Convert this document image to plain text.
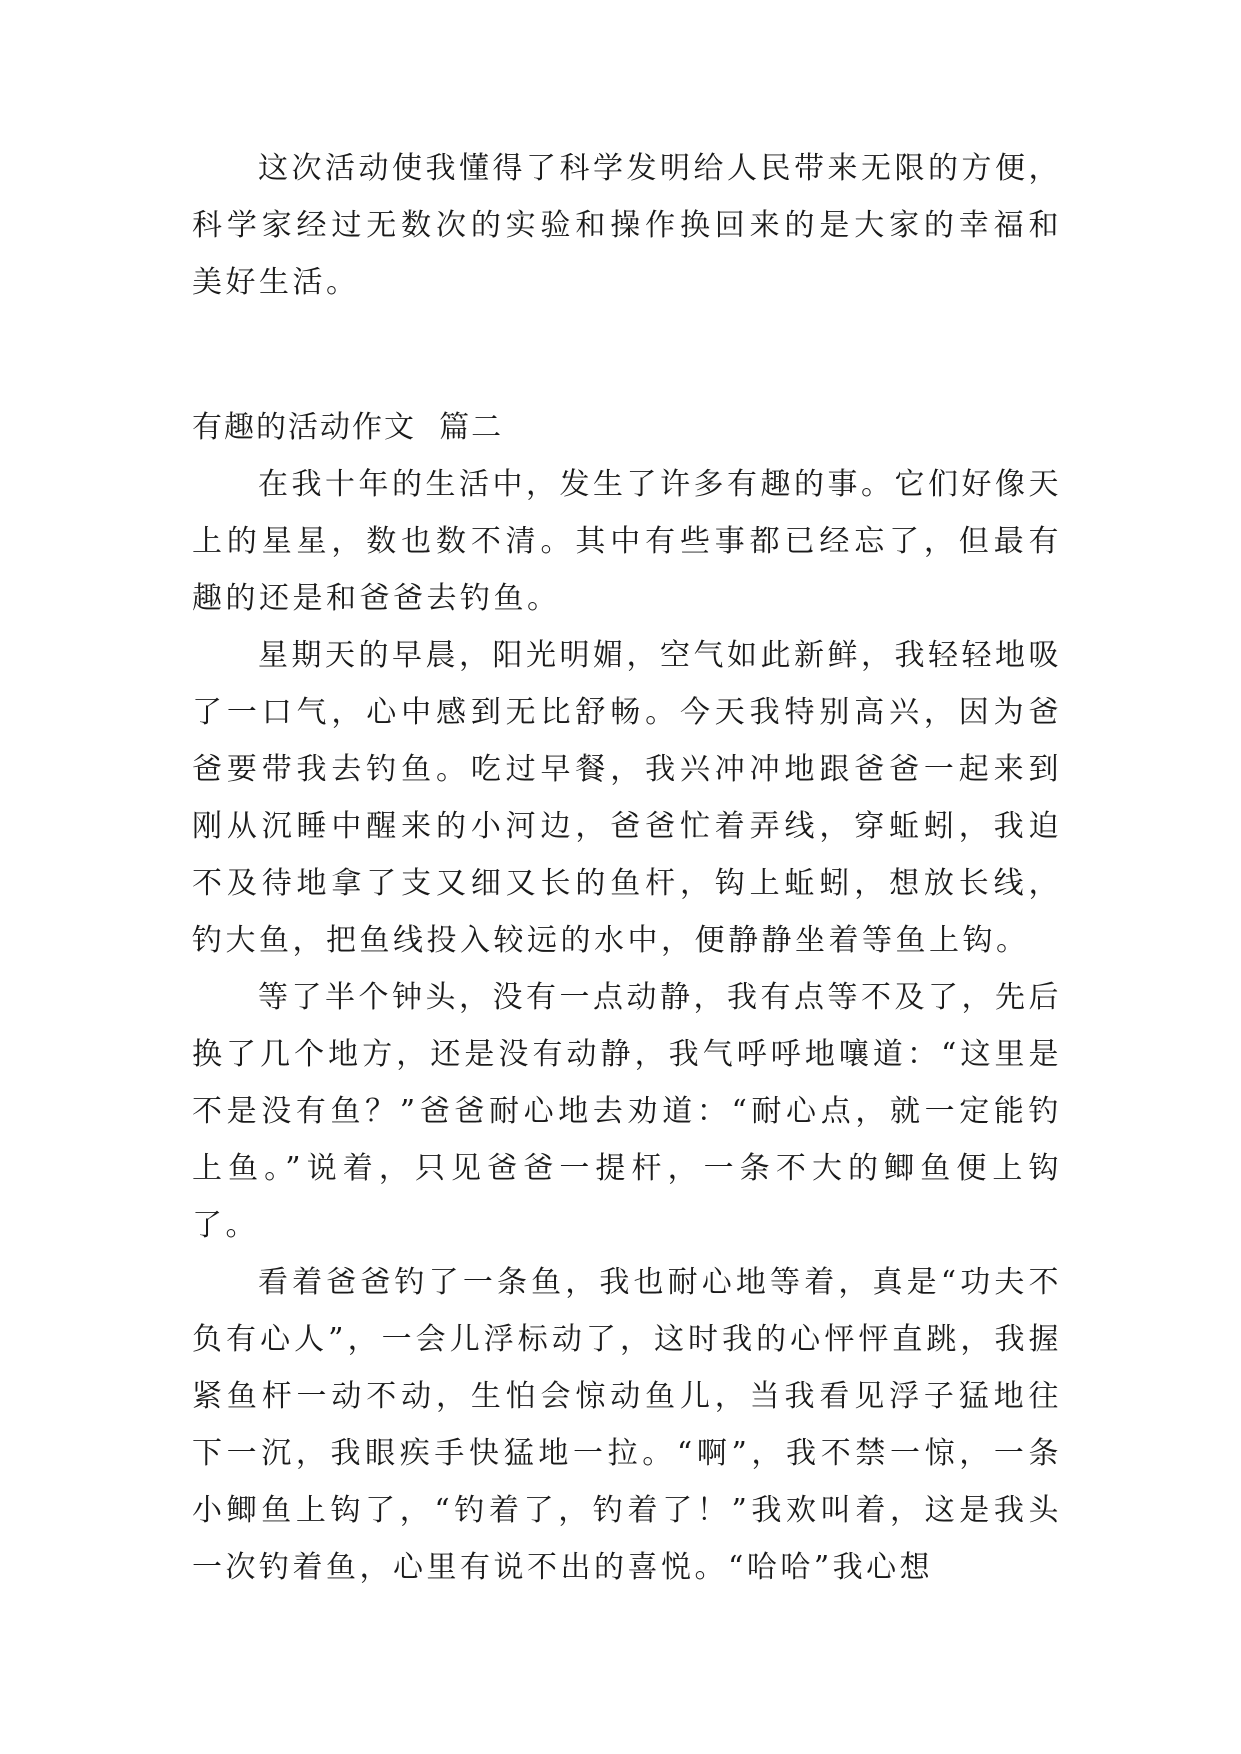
这次活动使我懂得了科学发明给人民带来无限的方便，科学家经过无数次的实验和操作换回来的是大家的幸福和美好生活。

有趣的活动作文  篇二

在我十年的生活中，发生了许多有趣的事。它们好像天上的星星，数也数不清。其中有些事都已经忘了，但最有趣的还是和爸爸去钓鱼。

星期天的早晨，阳光明媚，空气如此新鲜，我轻轻地吸了一口气，心中感到无比舒畅。今天我特别高兴，因为爸爸要带我去钓鱼。吃过早餐，我兴冲冲地跟爸爸一起来到刚从沉睡中醒来的小河边，爸爸忙着弄线，穿蚯蚓，我迫不及待地拿了支又细又长的鱼杆，钩上蚯蚓，想放长线，钓大鱼，把鱼线投入较远的水中，便静静坐着等鱼上钩。

等了半个钟头，没有一点动静，我有点等不及了，先后换了几个地方，还是没有动静，我气呼呼地嚷道：“这里是不是没有鱼？”爸爸耐心地去劝道：“耐心点，就一定能钓上鱼。”说着，只见爸爸一提杆，一条不大的鲫鱼便上钩了。

看着爸爸钓了一条鱼，我也耐心地等着，真是“功夫不负有心人”，一会儿浮标动了，这时我的心怦怦直跳，我握紧鱼杆一动不动，生怕会惊动鱼儿，当我看见浮子猛地往下一沉，我眼疾手快猛地一拉。“啊”，我不禁一惊，一条小鲫鱼上钩了，“钓着了，钓着了！”我欢叫着，这是我头一次钓着鱼，心里有说不出的喜悦。“哈哈”我心想
